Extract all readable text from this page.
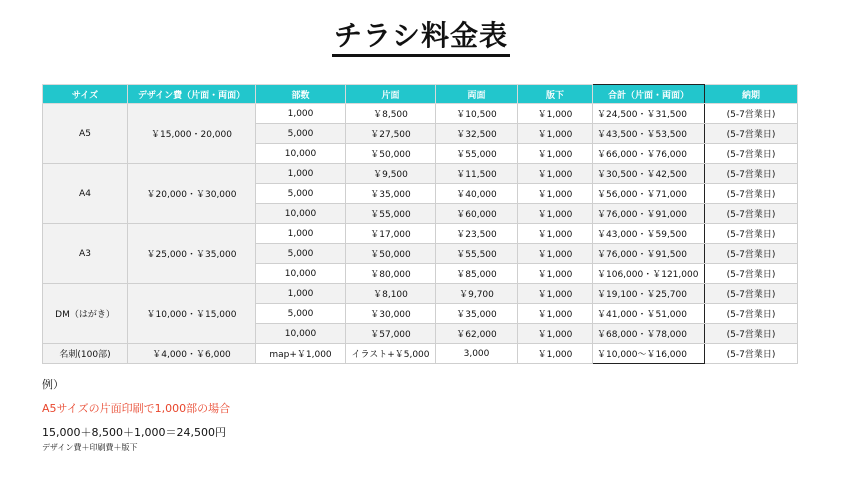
チラシ料金表
サイズ	デザイン費（片面・両面）	部数	片面	両面	版下	合計（片面・両面）	納期
A5	￥15,000・20,000	1,000	￥8,500	￥10,500	￥1,000	￥24,500・￥31,500	(5-7営業日)
		5,000	￥27,500	￥32,500	￥1,000	￥43,500・￥53,500	(5-7営業日)
		10,000	￥50,000	￥55,000	￥1,000	￥66,000・￥76,000	(5-7営業日)
A4	￥20,000・￥30,000	1,000	￥9,500	￥11,500	￥1,000	￥30,500・￥42,500	(5-7営業日)
		5,000	￥35,000	￥40,000	￥1,000	￥56,000・￥71,000	(5-7営業日)
		10,000	￥55,000	￥60,000	￥1,000	￥76,000・￥91,000	(5-7営業日)
A3	￥25,000・￥35,000	1,000	￥17,000	￥23,500	￥1,000	￥43,000・￥59,500	(5-7営業日)
		5,000	￥50,000	￥55,500	￥1,000	￥76,000・￥91,500	(5-7営業日)
		10,000	￥80,000	￥85,000	￥1,000	￥106,000・￥121,000	(5-7営業日)
DM（はがき）	￥10,000・￥15,000	1,000	￥8,100	￥9,700	￥1,000	￥19,100・￥25,700	(5-7営業日)
		5,000	￥30,000	￥35,000	￥1,000	￥41,000・￥51,000	(5-7営業日)
		10,000	￥57,000	￥62,000	￥1,000	￥68,000・￥78,000	(5-7営業日)
名刺(100部)	￥4,000・￥6,000	map+￥1,000	イラスト+￥5,000	3,000	￥1,000	￥10,000〜￥16,000	(5-7営業日)
例）
A5サイズの片面印刷で1,000部の場合
15,000＋8,500＋1,000＝24,500円
デザイン費＋印刷費＋版下
